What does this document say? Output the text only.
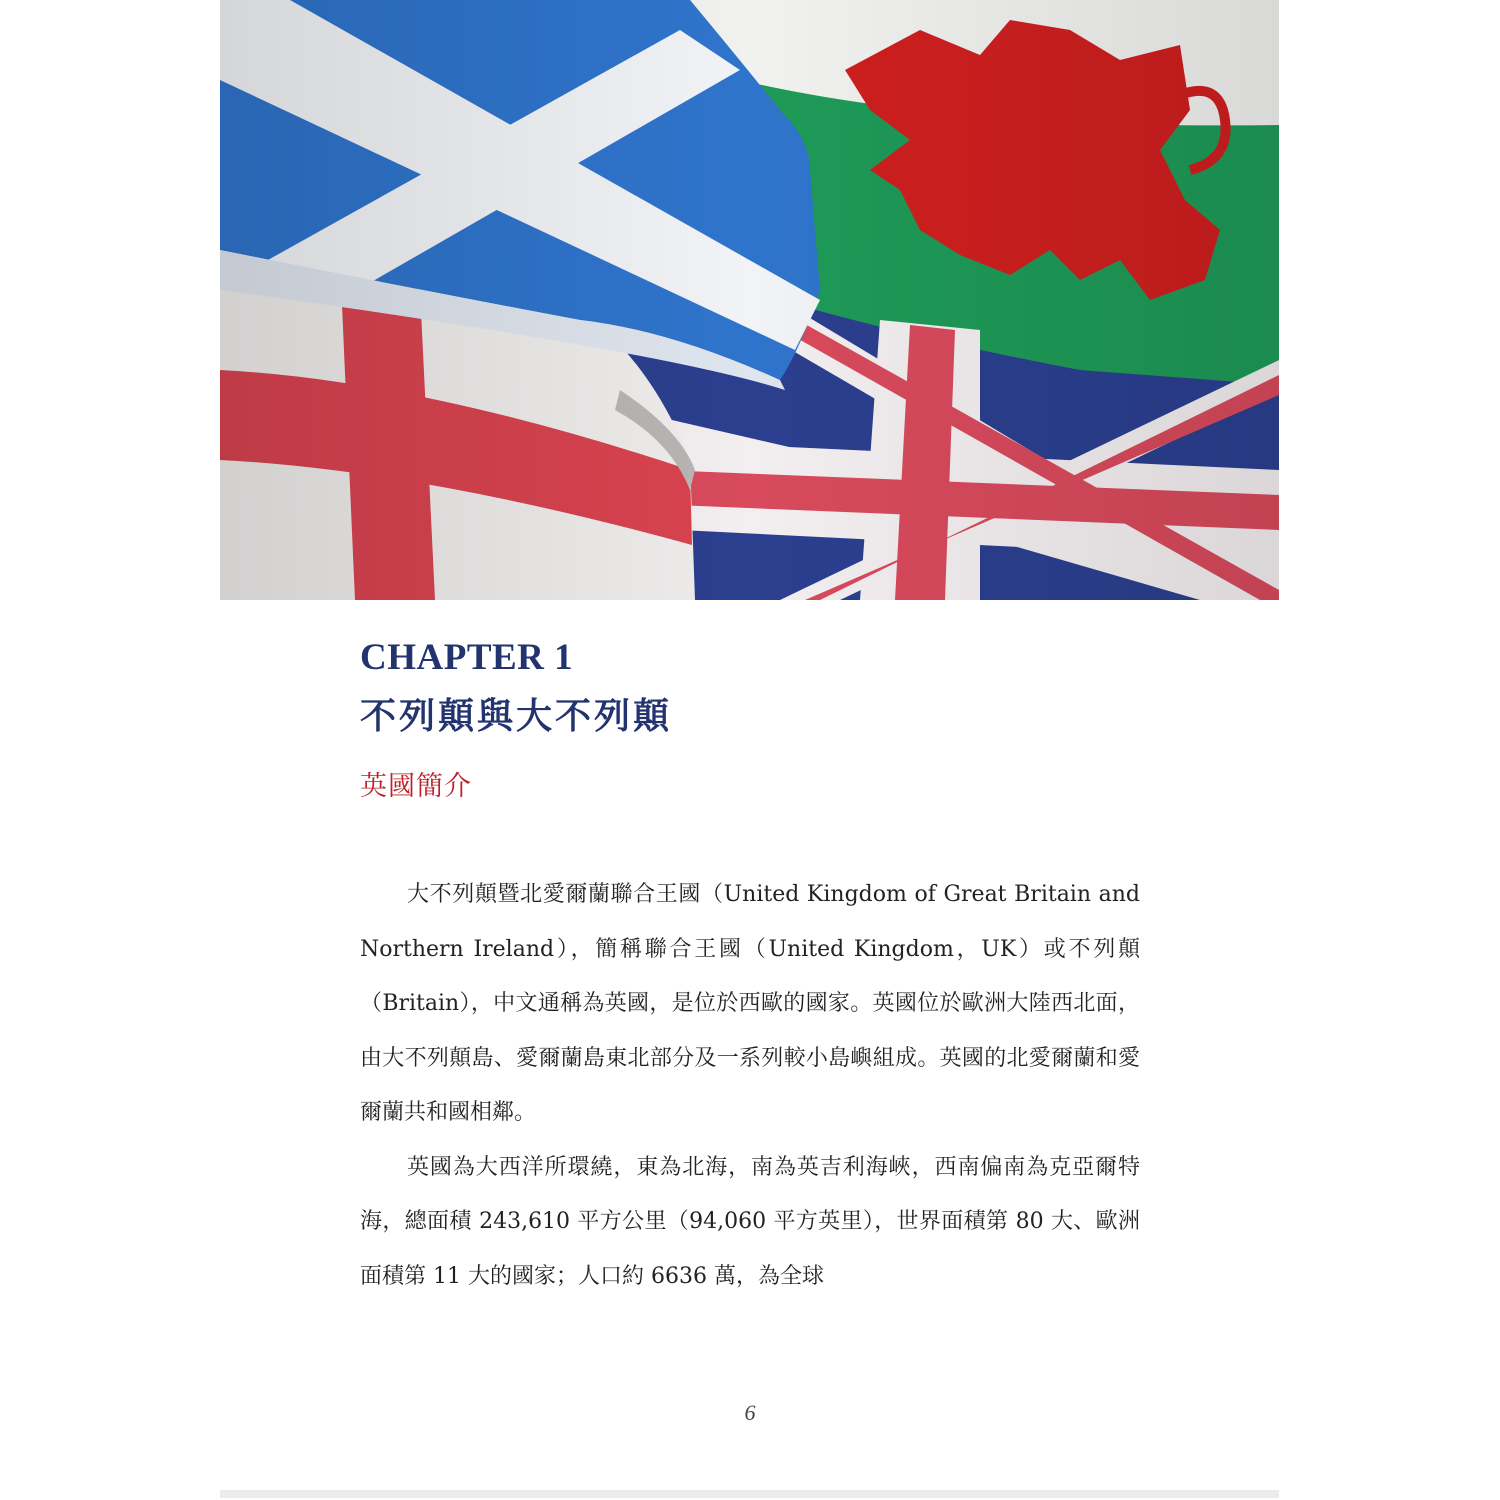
CHAPTER 1
不列顛與大不列顛
英國簡介

大不列顛暨北愛爾蘭聯合王國（United Kingdom of Great Britain and Northern Ireland），簡稱聯合王國（United Kingdom，UK）或不列顛（Britain），中文通稱為英國，是位於西歐的國家。英國位於歐洲大陸西北面，由大不列顛島、愛爾蘭島東北部分及一系列較小島嶼組成。英國的北愛爾蘭和愛爾蘭共和國相鄰。

英國為大西洋所環繞，東為北海，南為英吉利海峽，西南偏南為克亞爾特海，總面積 243,610 平方公里（94,060 平方英里），世界面積第 80 大、歐洲面積第 11 大的國家；人口約 6636 萬，為全球

6
